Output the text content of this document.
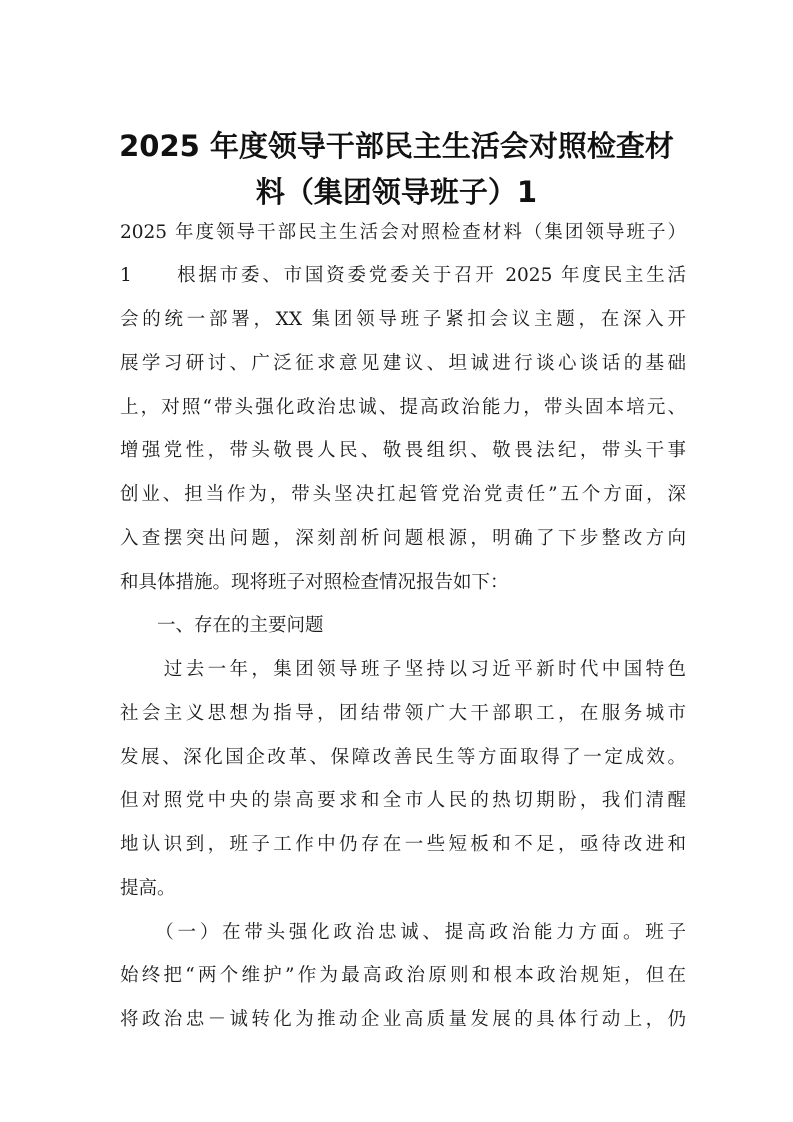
2025 年度领导干部民主生活会对照检查材
料（集团领导班子）1
2025 年度领导干部民主生活会对照检查材料（集团领导班子）
1　　根据市委、市国资委党委关于召开 2025 年度民主生活
会的统一部署，XX 集团领导班子紧扣会议主题，在深入开
展学习研讨、广泛征求意见建议、坦诚进行谈心谈话的基础
上，对照“带头强化政治忠诚、提高政治能力，带头固本培元、
增强党性，带头敬畏人民、敬畏组织、敬畏法纪，带头干事
创业、担当作为，带头坚决扛起管党治党责任”五个方面，深
入查摆突出问题，深刻剖析问题根源，明确了下步整改方向
和具体措施。现将班子对照检查情况报告如下：
　　一、存在的主要问题
　　过去一年，集团领导班子坚持以习近平新时代中国特色
社会主义思想为指导，团结带领广大干部职工，在服务城市
发展、深化国企改革、保障改善民生等方面取得了一定成效。
但对照党中央的崇高要求和全市人民的热切期盼，我们清醒
地认识到，班子工作中仍存在一些短板和不足，亟待改进和
提高。
　　（一）在带头强化政治忠诚、提高政治能力方面。班子
始终把“两个维护”作为最高政治原则和根本政治规矩，但在
将政治忠－诚转化为推动企业高质量发展的具体行动上，仍
